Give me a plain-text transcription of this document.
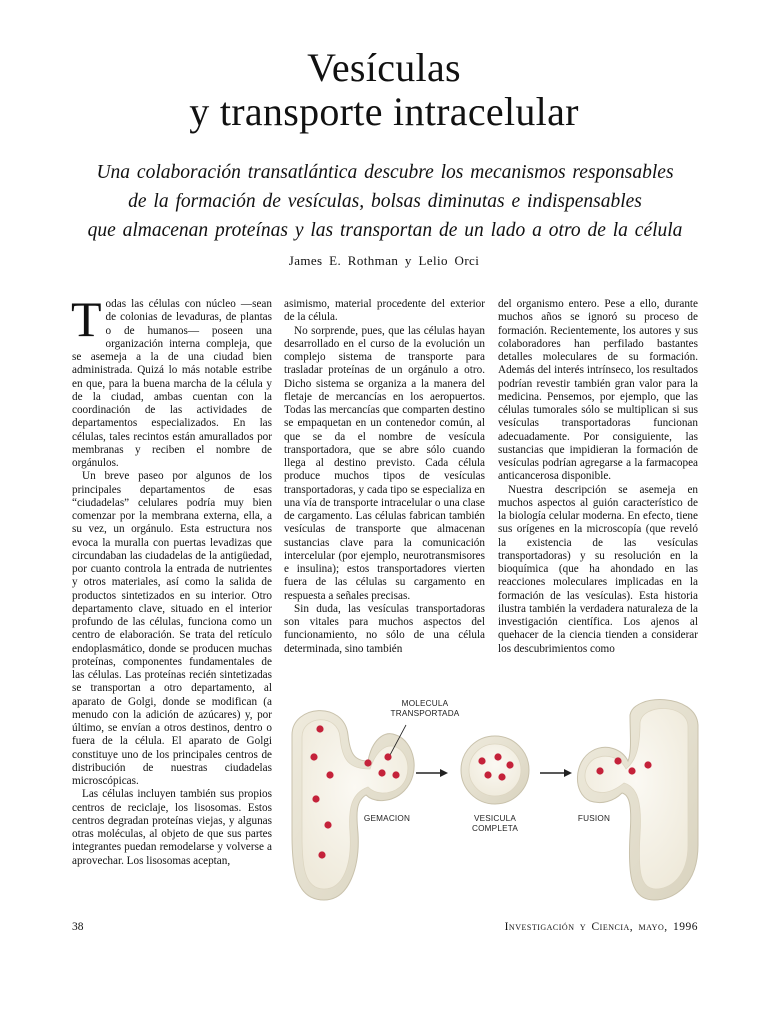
Vesículas
y transporte intracelular
Una colaboración transatlántica descubre los mecanismos responsables
de la formación de vesículas, bolsas diminutas e indispensables
que almacenan proteínas y las transportan de un lado a otro de la célula
James E. Rothman y Lelio Orci

Todas las células con núcleo —sean de colonias de levaduras, de plantas o de humanos— poseen una organización interna compleja, que se asemeja a la de una ciudad bien administrada. Quizá lo más notable estribe en que, para la buena marcha de la célula y de la ciudad, ambas cuentan con la coordinación de las actividades de departamentos especializados. En las células, tales recintos están amurallados por membranas y reciben el nombre de orgánulos.

Un breve paseo por algunos de los principales departamentos de esas “ciudadelas” celulares podría muy bien comenzar por la membrana externa, ella, a su vez, un orgánulo. Esta estructura nos evoca la muralla con puertas levadizas que circundaban las ciudadelas de la antigüedad, por cuanto controla la entrada de nutrientes y otros materiales, así como la salida de productos sintetizados en su interior. Otro departamento clave, situado en el interior profundo de las células, funciona como un centro de elaboración. Se trata del retículo endoplasmático, donde se producen muchas proteínas, componentes fundamentales de las células. Las proteínas recién sintetizadas se transportan a otro departamento, al aparato de Golgi, donde se modifican (a menudo con la adición de azúcares) y, por último, se envían a otros destinos, dentro o fuera de la célula. El aparato de Golgi constituye uno de los principales centros de distribución de nuestras ciudadelas microscópicas.

Las células incluyen también sus propios centros de reciclaje, los lisosomas. Estos centros degradan proteínas viejas, y algunas otras moléculas, al objeto de que sus partes integrantes puedan remodelarse y volverse a aprovechar. Los lisosomas aceptan,

asimismo, material procedente del exterior de la célula.

No sorprende, pues, que las células hayan desarrollado en el curso de la evolución un complejo sistema de transporte para trasladar proteínas de un orgánulo a otro. Dicho sistema se organiza a la manera del fletaje de mercancías en los aeropuertos. Todas las mercancías que comparten destino se empaquetan en un contenedor común, al que se da el nombre de vesícula transportadora, que se abre sólo cuando llega al destino previsto. Cada célula produce muchos tipos de vesículas transportadoras, y cada tipo se especializa en una vía de transporte intracelular o una clase de cargamento. Las células fabrican también vesículas de transporte que almacenan sustancias clave para la comunicación intercelular (por ejemplo, neurotransmisores e insulina); estos transportadores vierten fuera de las células su cargamento en respuesta a señales precisas.

Sin duda, las vesículas transportadoras son vitales para muchos aspectos del funcionamiento, no sólo de una célula determinada, sino también

del organismo entero. Pese a ello, durante muchos años se ignoró su proceso de formación. Recientemente, los autores y sus colaboradores han perfilado bastantes detalles moleculares de su formación. Además del interés intrínseco, los resultados podrían revestir también gran valor para la medicina. Pensemos, por ejemplo, que las células tumorales sólo se multiplican si sus vesículas transportadoras funcionan adecuadamente. Por consiguiente, las sustancias que impidieran la formación de vesículas podrían agregarse a la farmacopea anticancerosa disponible.

Nuestra descripción se asemeja en muchos aspectos al guión característico de la biología celular moderna. En efecto, tiene sus orígenes en la microscopía (que reveló la existencia de las vesículas transportadoras) y su resolución en la bioquímica (que ha ahondado en las reacciones moleculares implicadas en la formación de las vesículas). Esta historia ilustra también la verdadera naturaleza de la investigación científica. Los ajenos al quehacer de la ciencia tienden a considerar los descubrimientos como

MOLECULA
TRANSPORTADA
GEMACION	VESICULA
COMPLETA
FUSION
38	Investigación y Ciencia, mayo, 1996
